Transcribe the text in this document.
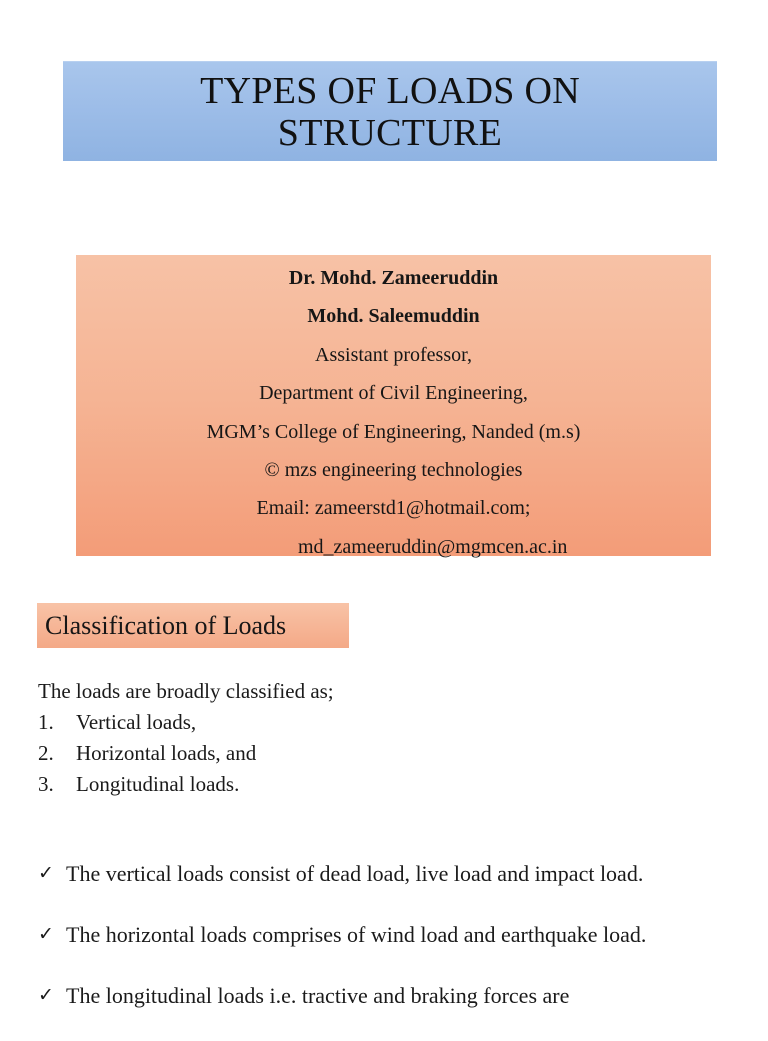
TYPES OF LOADS ON
STRUCTURE
Dr. Mohd. Zameeruddin
Mohd. Saleemuddin
Assistant professor,
Department of Civil Engineering,
MGM’s College of Engineering, Nanded (m.s)
© mzs engineering technologies
Email: zameerstd1@hotmail.com;
md_zameeruddin@mgmcen.ac.in
Classification of Loads
The loads are broadly classified as;
1.	Vertical loads,
2.	Horizontal loads, and
3.	Longitudinal loads.
✓ The vertical loads consist of dead load, live load and impact load.
✓ The horizontal loads comprises of wind load and earthquake load.
✓ The longitudinal loads i.e. tractive and braking forces are
